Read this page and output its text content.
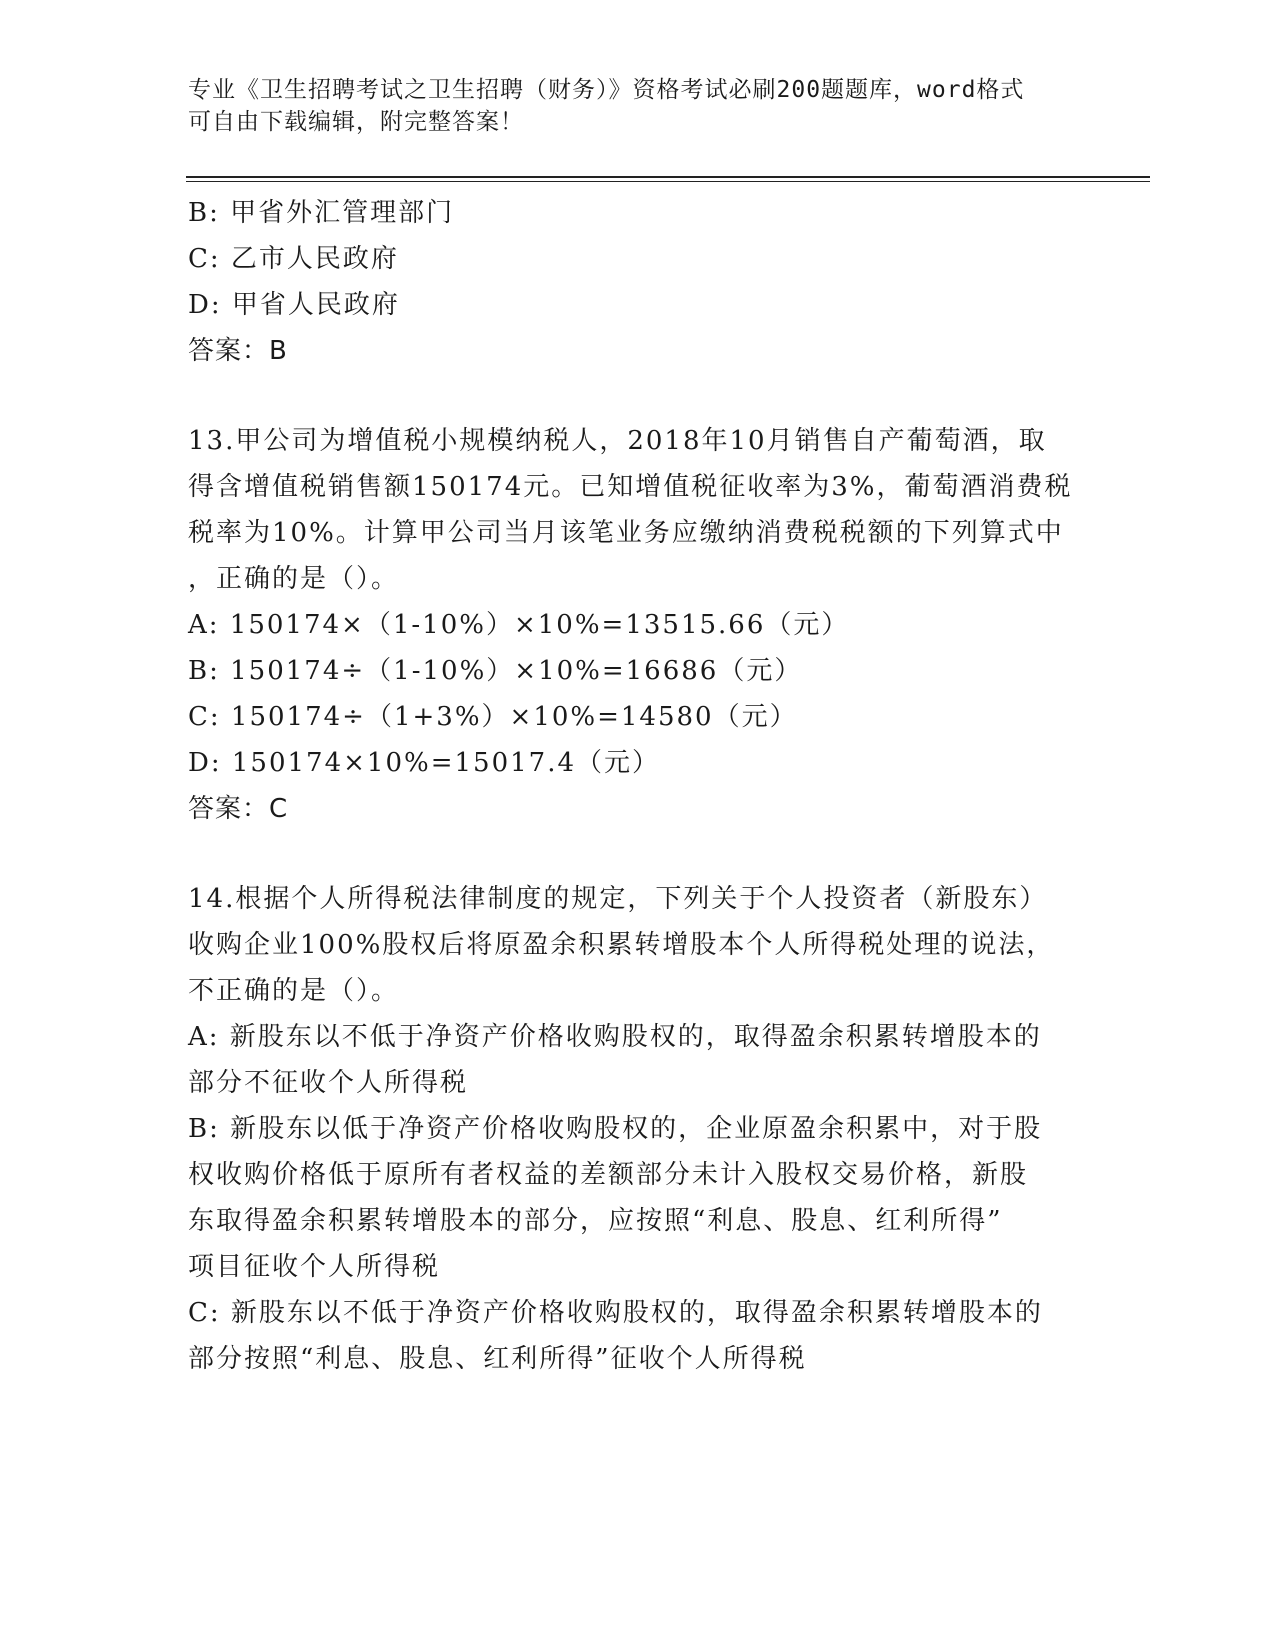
专业《卫生招聘考试之卫生招聘（财务）》资格考试必刷200题题库，word格式
可自由下载编辑，附完整答案！
B: 甲省外汇管理部门
C: 乙市人民政府
D: 甲省人民政府
答案：B
13.甲公司为增值税小规模纳税人，2018年10月销售自产葡萄酒，取
得含增值税销售额150174元。已知增值税征收率为3%，葡萄酒消费税
税率为10%。计算甲公司当月该笔业务应缴纳消费税税额的下列算式中
，正确的是（）。
A: 150174×（1-10%）×10%=13515.66（元）
B: 150174÷（1-10%）×10%=16686（元）
C: 150174÷（1+3%）×10%=14580（元）
D: 150174×10%=15017.4（元）
答案：C
14.根据个人所得税法律制度的规定，下列关于个人投资者（新股东）
收购企业100%股权后将原盈余积累转增股本个人所得税处理的说法，
不正确的是（）。
A: 新股东以不低于净资产价格收购股权的，取得盈余积累转增股本的
部分不征收个人所得税
B: 新股东以低于净资产价格收购股权的，企业原盈余积累中，对于股
权收购价格低于原所有者权益的差额部分未计入股权交易价格，新股
东取得盈余积累转增股本的部分，应按照“利息、股息、红利所得”
项目征收个人所得税
C: 新股东以不低于净资产价格收购股权的，取得盈余积累转增股本的
部分按照“利息、股息、红利所得”征收个人所得税
